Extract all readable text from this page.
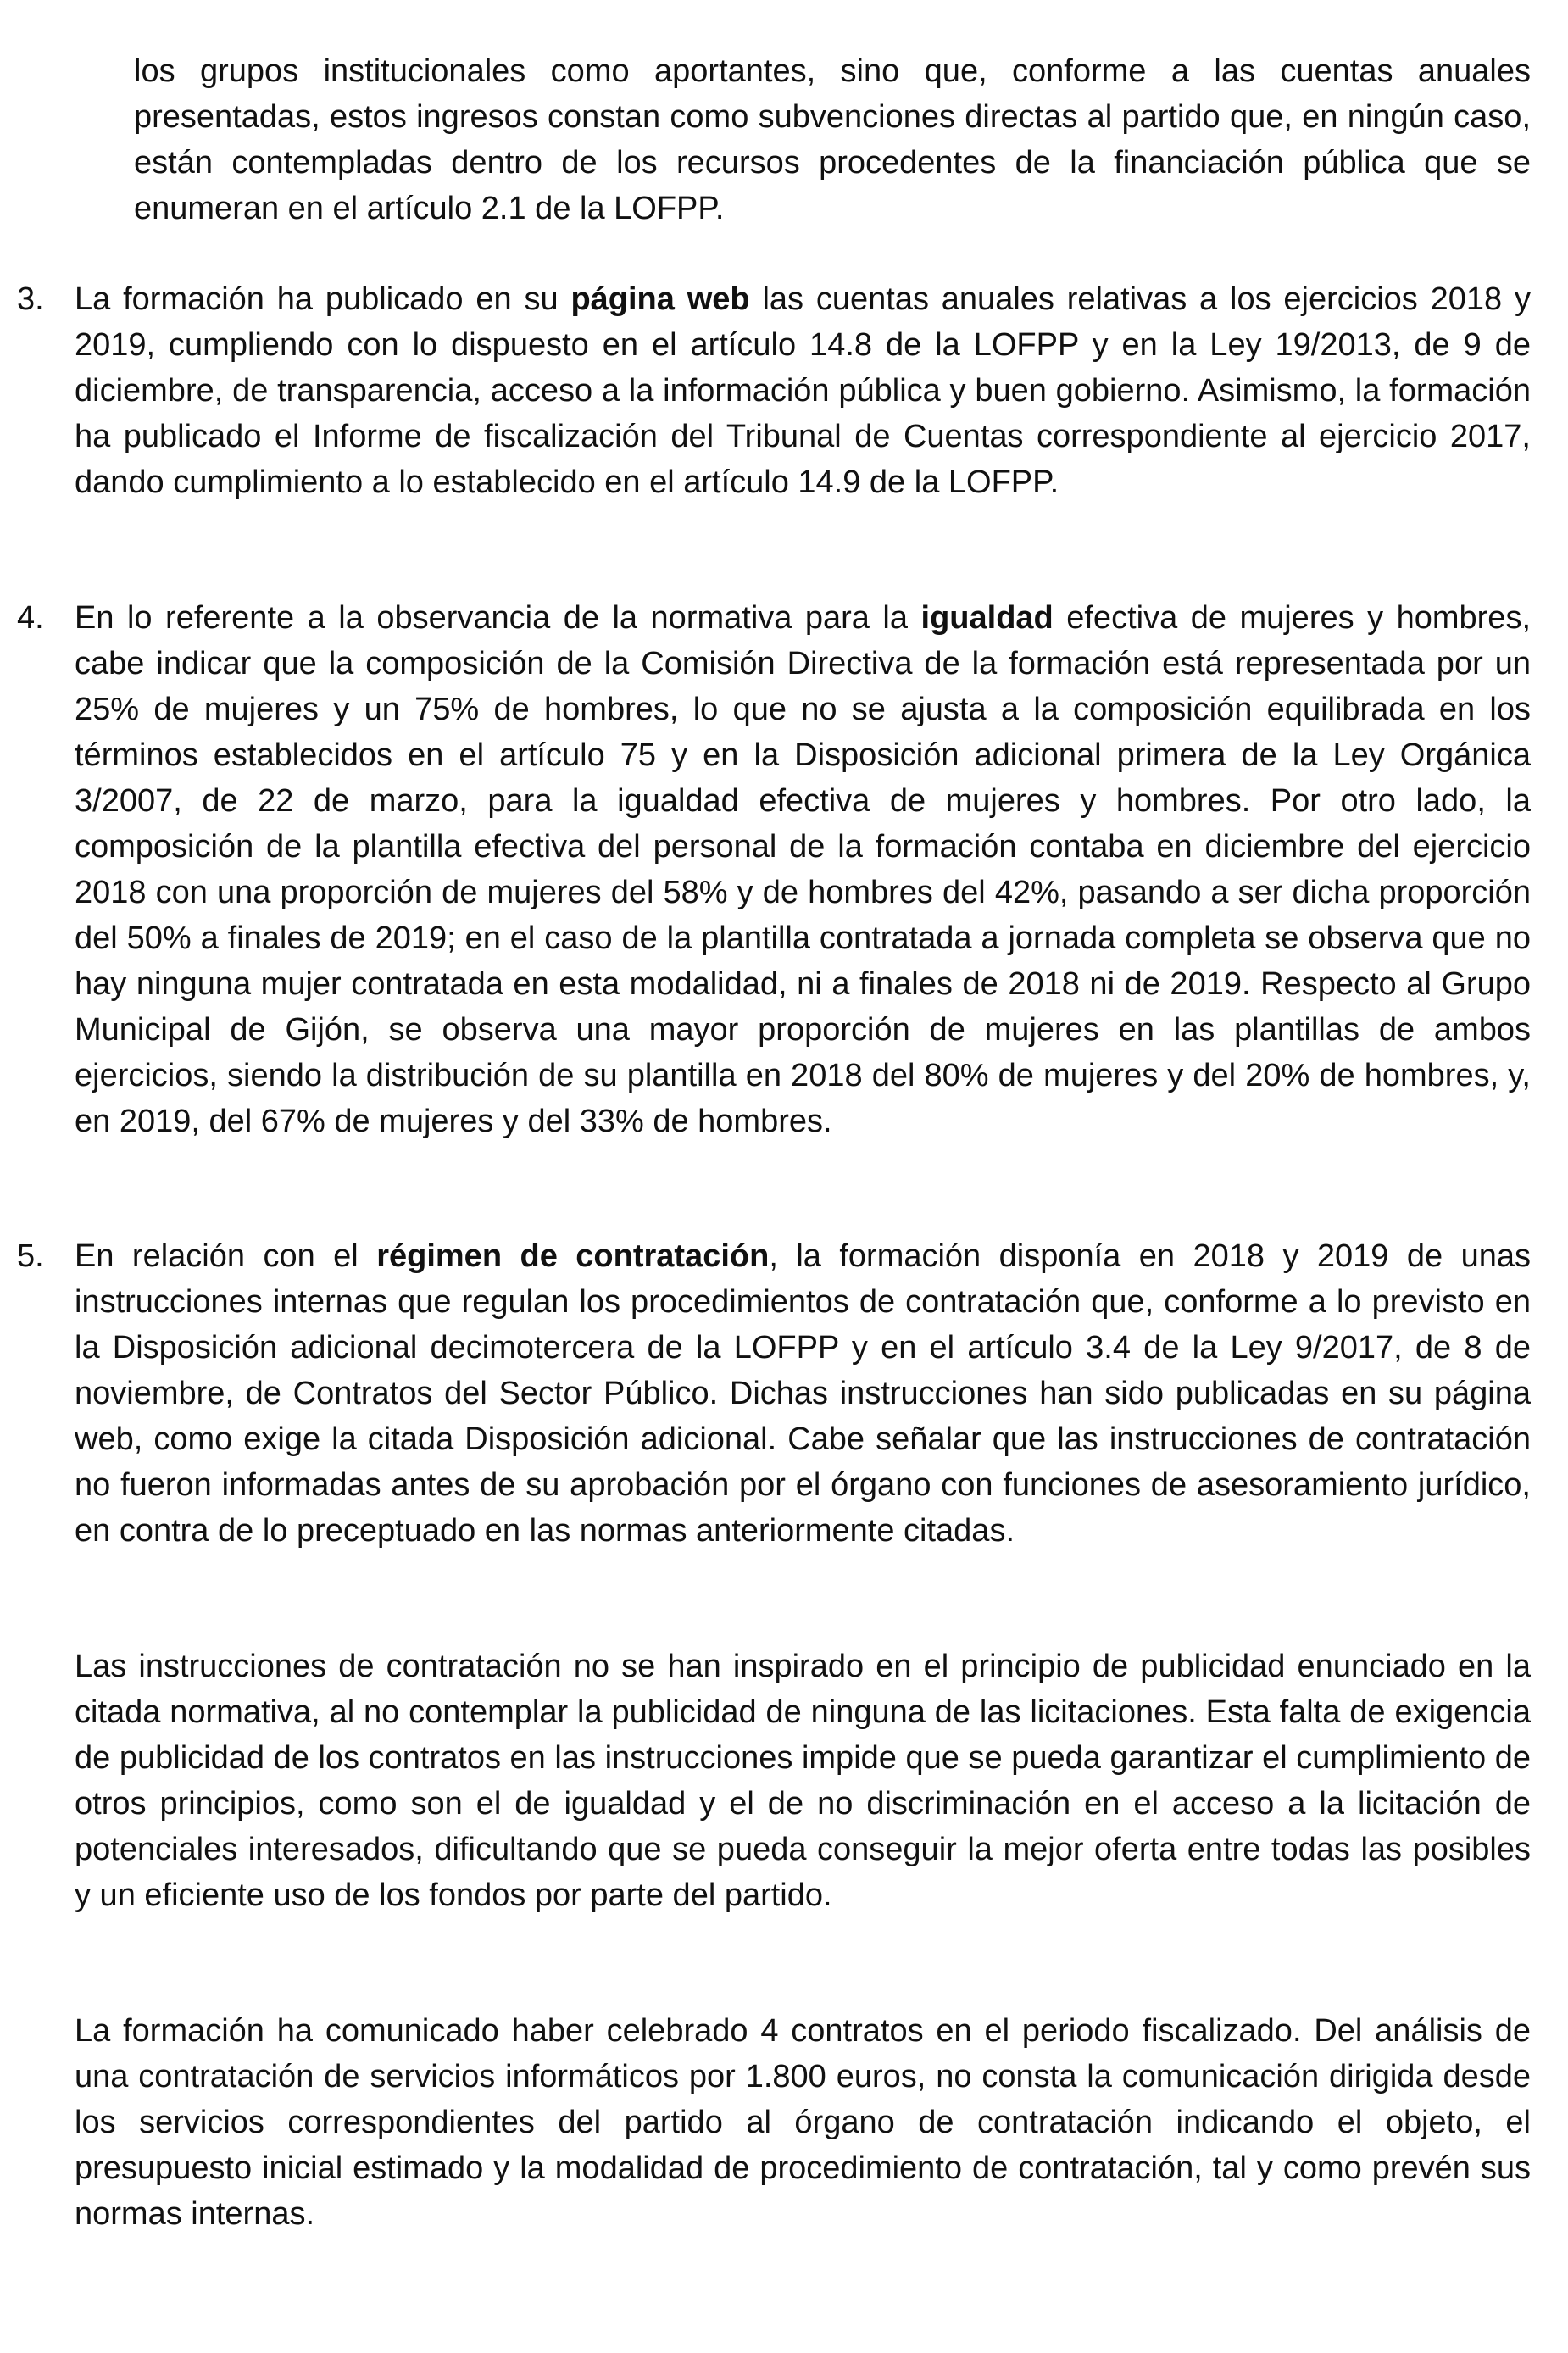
los grupos institucionales como aportantes, sino que, conforme a las cuentas anuales presentadas, estos ingresos constan como subvenciones directas al partido que, en ningún caso, están contempladas dentro de los recursos procedentes de la financiación pública que se enumeran en el artículo 2.1 de la LOFPP.

3. La formación ha publicado en su página web las cuentas anuales relativas a los ejercicios 2018 y 2019, cumpliendo con lo dispuesto en el artículo 14.8 de la LOFPP y en la Ley 19/2013, de 9 de diciembre, de transparencia, acceso a la información pública y buen gobierno. Asimismo, la formación ha publicado el Informe de fiscalización del Tribunal de Cuentas correspondiente al ejercicio 2017, dando cumplimiento a lo establecido en el artículo 14.9 de la LOFPP.
4. En lo referente a la observancia de la normativa para la igualdad efectiva de mujeres y hombres, cabe indicar que la composición de la Comisión Directiva de la formación está representada por un 25% de mujeres y un 75% de hombres, lo que no se ajusta a la composición equilibrada en los términos establecidos en el artículo 75 y en la Disposición adicional primera de la Ley Orgánica 3/2007, de 22 de marzo, para la igualdad efectiva de mujeres y hombres. Por otro lado, la composición de la plantilla efectiva del personal de la formación contaba en diciembre del ejercicio 2018 con una proporción de mujeres del 58% y de hombres del 42%, pasando a ser dicha proporción del 50% a finales de 2019; en el caso de la plantilla contratada a jornada completa se observa que no hay ninguna mujer contratada en esta modalidad, ni a finales de 2018 ni de 2019. Respecto al Grupo Municipal de Gijón, se observa una mayor proporción de mujeres en las plantillas de ambos ejercicios, siendo la distribución de su plantilla en 2018 del 80% de mujeres y del 20% de hombres, y, en 2019, del 67% de mujeres y del 33% de hombres.
5. En relación con el régimen de contratación, la formación disponía en 2018 y 2019 de unas instrucciones internas que regulan los procedimientos de contratación que, conforme a lo previsto en la Disposición adicional decimotercera de la LOFPP y en el artículo 3.4 de la Ley 9/2017, de 8 de noviembre, de Contratos del Sector Público. Dichas instrucciones han sido publicadas en su página web, como exige la citada Disposición adicional. Cabe señalar que las instrucciones de contratación no fueron informadas antes de su aprobación por el órgano con funciones de asesoramiento jurídico, en contra de lo preceptuado en las normas anteriormente citadas.

Las instrucciones de contratación no se han inspirado en el principio de publicidad enunciado en la citada normativa, al no contemplar la publicidad de ninguna de las licitaciones. Esta falta de exigencia de publicidad de los contratos en las instrucciones impide que se pueda garantizar el cumplimiento de otros principios, como son el de igualdad y el de no discriminación en el acceso a la licitación de potenciales interesados, dificultando que se pueda conseguir la mejor oferta entre todas las posibles y un eficiente uso de los fondos por parte del partido.

La formación ha comunicado haber celebrado 4 contratos en el periodo fiscalizado. Del análisis de una contratación de servicios informáticos por 1.800 euros, no consta la comunicación dirigida desde los servicios correspondientes del partido al órgano de contratación indicando el objeto, el presupuesto inicial estimado y la modalidad de procedimiento de contratación, tal y como prevén sus normas internas.
